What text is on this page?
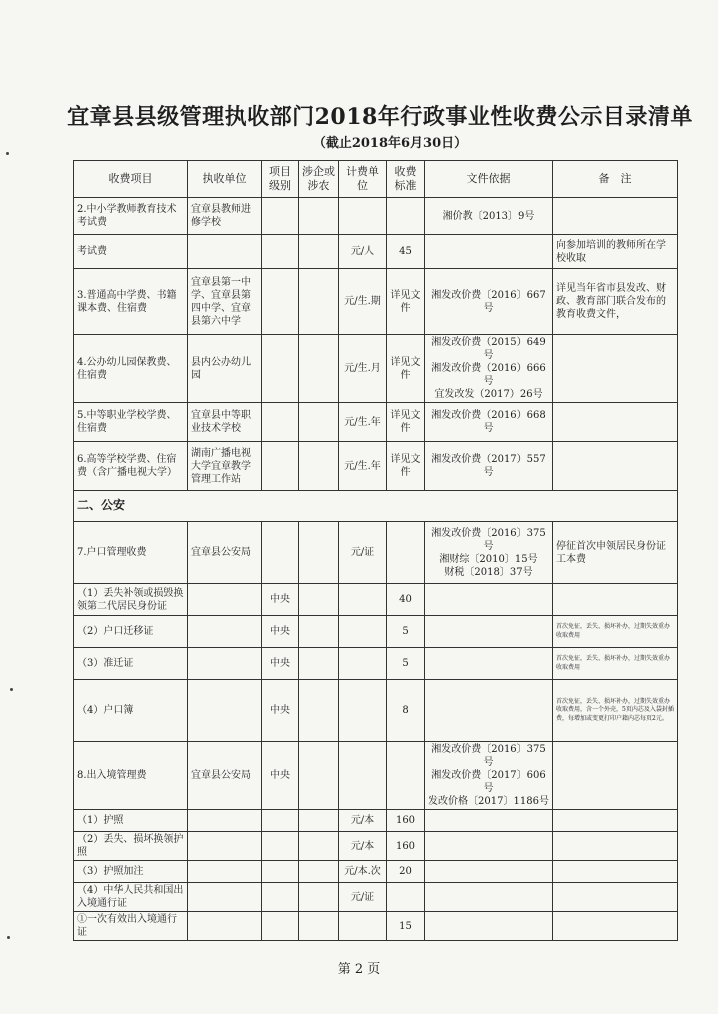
宜章县县级管理执收部门2018年行政事业性收费公示目录清单
（截止2018年6月30日）
收费项目	执收单位	项目级别	涉企或涉农	计费单位	收费标准	文件依据	备　注
2.中小学教师教育技术考试费	宜章县教师进修学校					湘价教〔2013〕9号	
考试费				元/人	45		向参加培训的教师所在学校收取
3.普通高中学费、书籍课本费、住宿费	宜章县第一中学、宜章县第四中学、宜章县第六中学			元/生.期	详见文件	湘发改价费〔2016〕667号	详见当年省市县发改、财政、教育部门联合发布的教育收费文件，
4.公办幼儿园保教费、住宿费	县内公办幼儿园			元/生.月	详见文件	湘发改价费（2015）649号
湘发改价费（2016）666号
宜发改发（2017）26号	
5.中等职业学校学费、住宿费	宜章县中等职业技术学校			元/生.年	详见文件	湘发改价费（2016）668号	
6.高等学校学费、住宿费（含广播电视大学）	湖南广播电视大学宜章教学管理工作站			元/生.年	详见文件	湘发改价费（2017）557号	
二、公安							
7.户口管理收费	宜章县公安局			元/证		湘发改价费〔2016〕375号
湘财综〔2010〕15号
财税〔2018〕37号	停征首次申领居民身份证工本费
（1）丢失补领或损毁换领第二代居民身份证		中央			40		
（2）户口迁移证		中央			5		首次免征，丢失、损坏补办，过期失效重办收取费用
（3）准迁证		中央			5		首次免征，丢失、损坏补办，过期失效重办收取费用
（4）户口簿		中央			8		首次免征，丢失、损坏补办，过期失效重办收取费用，含一个外壳，5页内芯及入袋封插费，每增加或变更打印户籍内芯每页2元。
8.出入境管理费	宜章县公安局	中央				湘发改价费〔2016〕375号
湘发改价费〔2017〕606号
发改价格〔2017〕1186号	
（1）护照				元/本	160		
（2）丢失、损坏换领护照				元/本	160		
（3）护照加注				元/本.次	20		
（4）中华人民共和国出入境通行证				元/证			
①一次有效出入境通行证					15		
第 2 页
